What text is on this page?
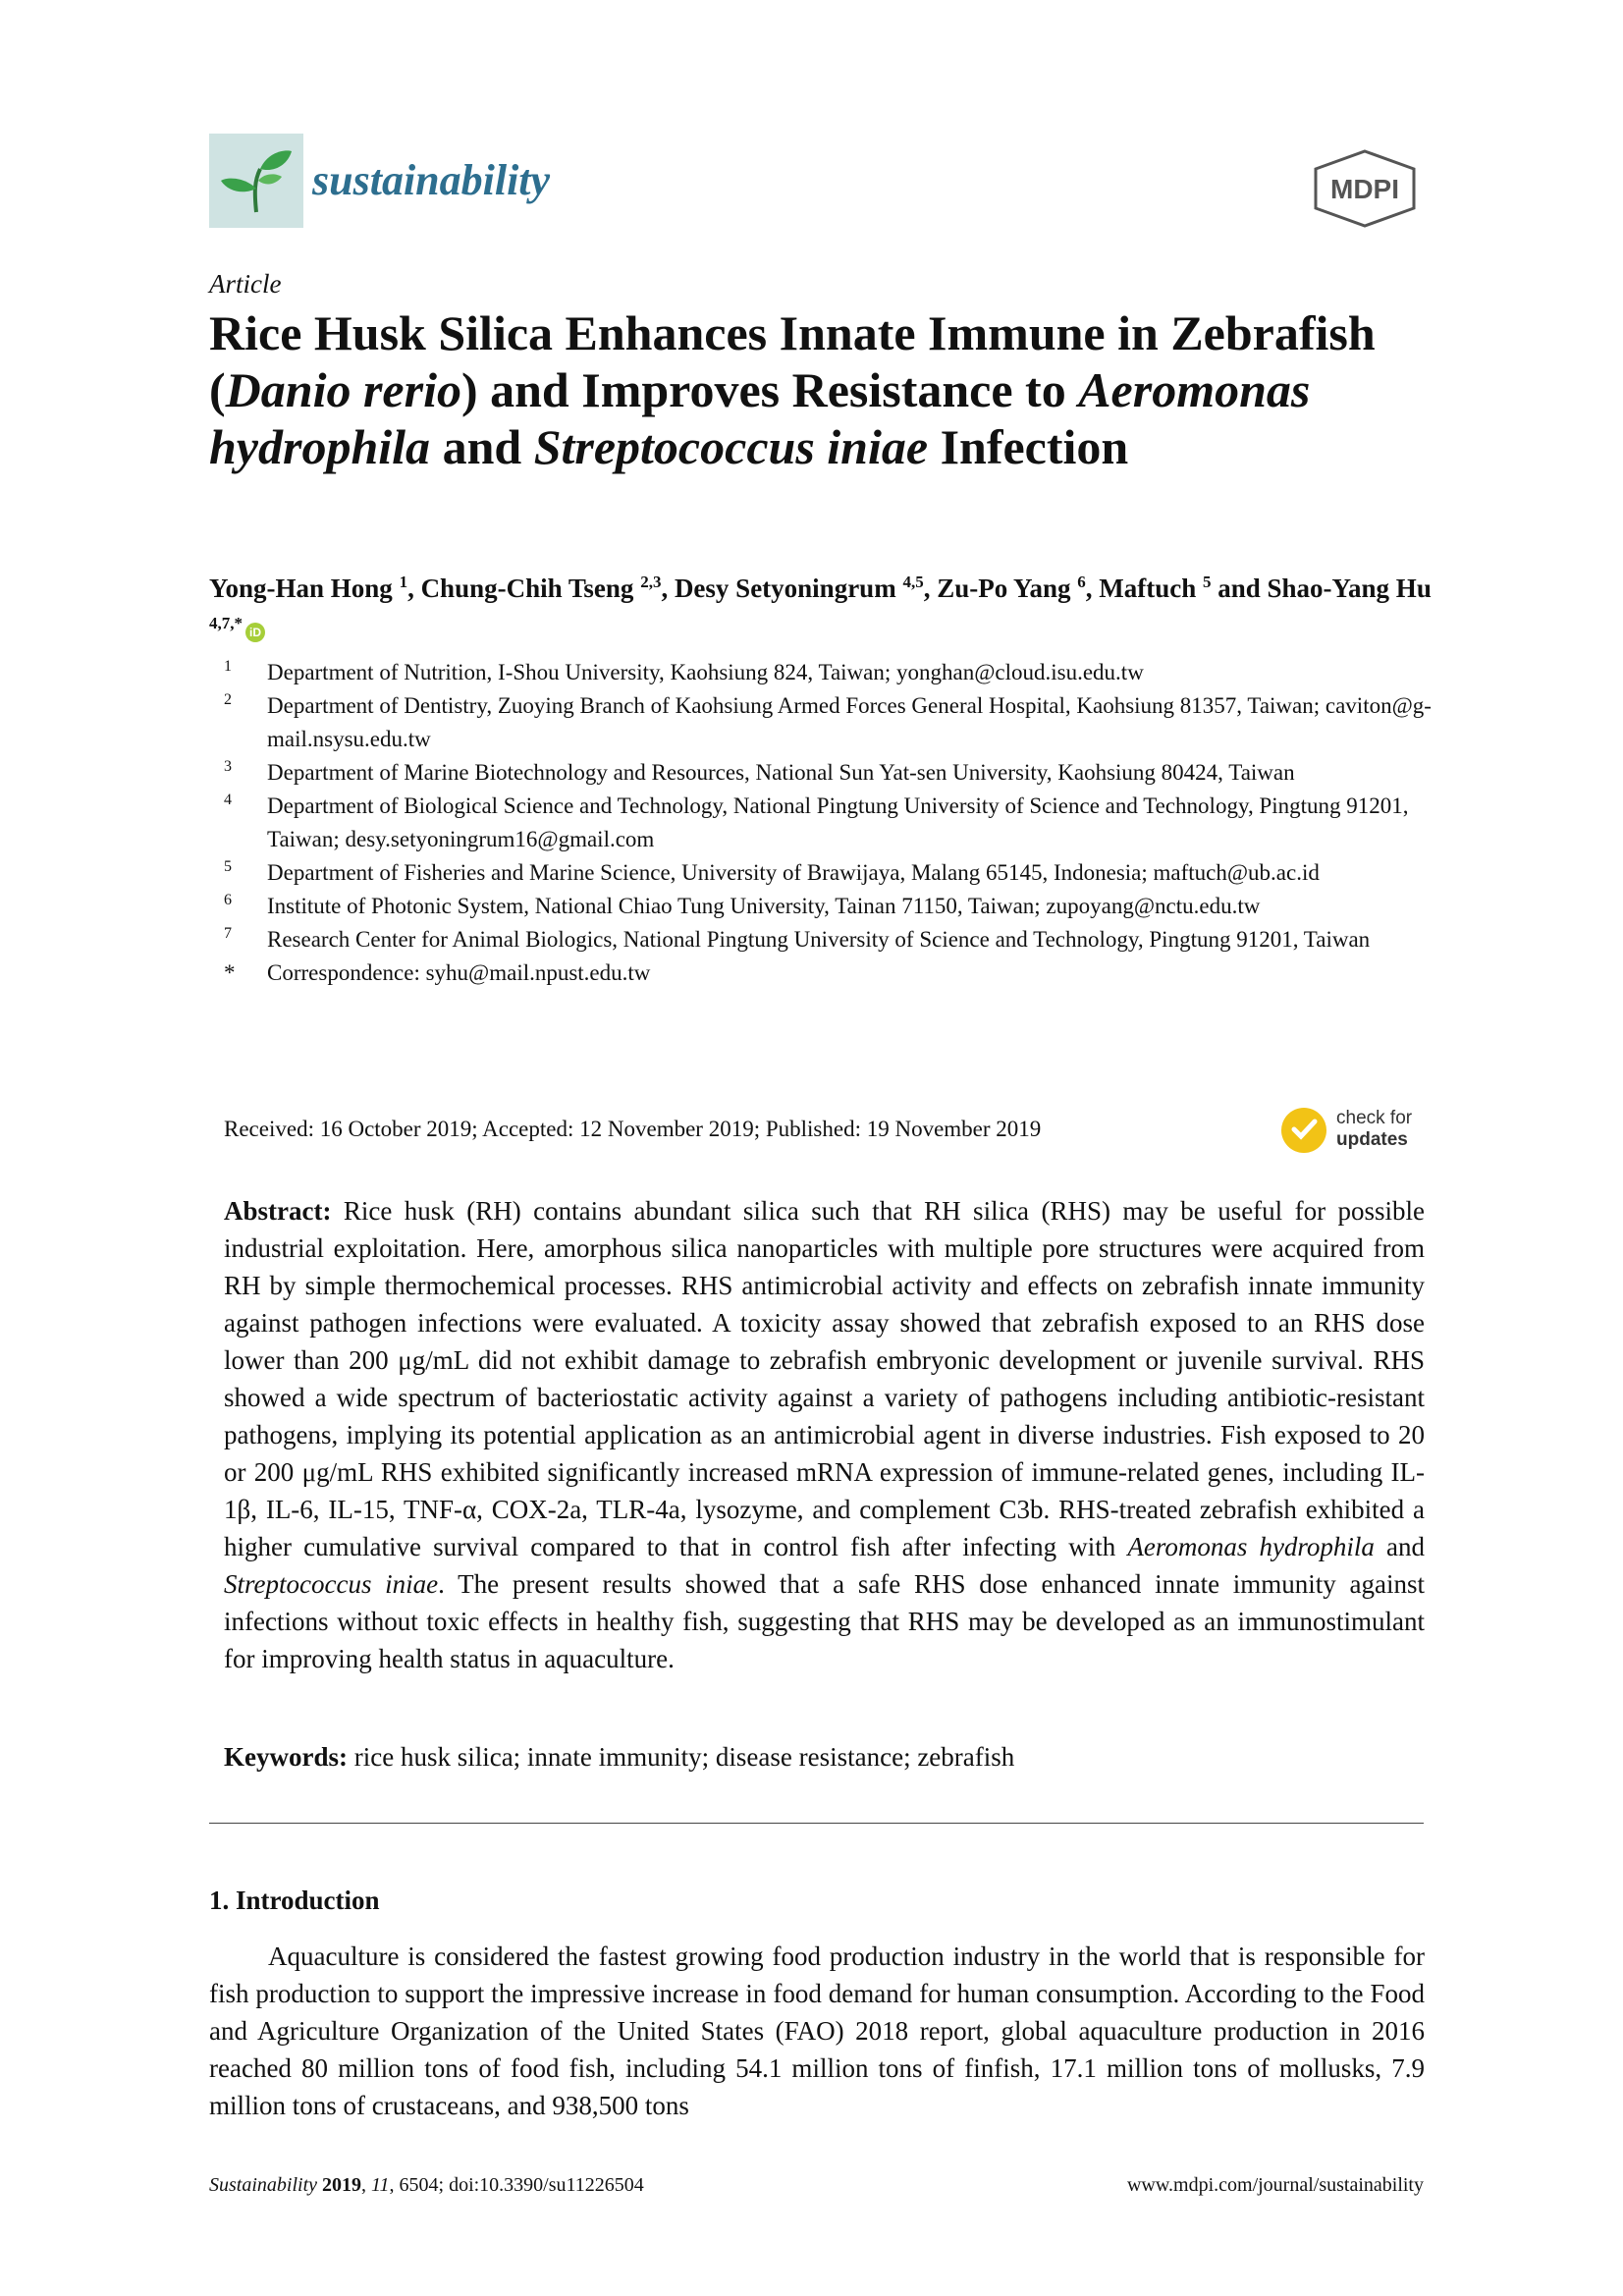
sustainability	MDPI
Article
Rice Husk Silica Enhances Innate Immune in Zebrafish (Danio rerio) and Improves Resistance to Aeromonas hydrophila and Streptococcus iniae Infection
Yong-Han Hong $^1$, Chung-Chih Tseng $^{2,3}$, Desy Setyoningrum $^{4,5}$, Zu-Po Yang $^6$, Maftuch $^5$ and Shao-Yang Hu $^{4,7,*}$ iD
1 Department of Nutrition, I-Shou University, Kaohsiung 824, Taiwan; yonghan@cloud.isu.edu.tw
2 Department of Dentistry, Zuoying Branch of Kaohsiung Armed Forces General Hospital, Kaohsiung 81357, Taiwan; caviton@g-mail.nsysu.edu.tw
3 Department of Marine Biotechnology and Resources, National Sun Yat-sen University, Kaohsiung 80424, Taiwan
4 Department of Biological Science and Technology, National Pingtung University of Science and Technology, Pingtung 91201, Taiwan; desy.setyoningrum16@gmail.com
5 Department of Fisheries and Marine Science, University of Brawijaya, Malang 65145, Indonesia; maftuch@ub.ac.id
6 Institute of Photonic System, National Chiao Tung University, Tainan 71150, Taiwan; zupoyang@nctu.edu.tw
7 Research Center for Animal Biologics, National Pingtung University of Science and Technology, Pingtung 91201, Taiwan
* Correspondence: syhu@mail.npust.edu.tw
Received: 16 October 2019; Accepted: 12 November 2019; Published: 19 November 2019	check for
updates
Abstract: Rice husk (RH) contains abundant silica such that RH silica (RHS) may be useful for possible industrial exploitation. Here, amorphous silica nanoparticles with multiple pore structures were acquired from RH by simple thermochemical processes. RHS antimicrobial activity and effects on zebrafish innate immunity against pathogen infections were evaluated. A toxicity assay showed that zebrafish exposed to an RHS dose lower than 200 μg/mL did not exhibit damage to zebrafish embryonic development or juvenile survival. RHS showed a wide spectrum of bacteriostatic activity against a variety of pathogens including antibiotic-resistant pathogens, implying its potential application as an antimicrobial agent in diverse industries. Fish exposed to 20 or 200 μg/mL RHS exhibited significantly increased mRNA expression of immune-related genes, including IL-1β, IL-6, IL-15, TNF-α, COX-2a, TLR-4a, lysozyme, and complement C3b. RHS-treated zebrafish exhibited a higher cumulative survival compared to that in control fish after infecting with Aeromonas hydrophila and Streptococcus iniae. The present results showed that a safe RHS dose enhanced innate immunity against infections without toxic effects in healthy fish, suggesting that RHS may be developed as an immunostimulant for improving health status in aquaculture.
Keywords: rice husk silica; innate immunity; disease resistance; zebrafish
1. Introduction

Aquaculture is considered the fastest growing food production industry in the world that is responsible for fish production to support the impressive increase in food demand for human consumption. According to the Food and Agriculture Organization of the United States (FAO) 2018 report, global aquaculture production in 2016 reached 80 million tons of food fish, including 54.1 million tons of finfish, 17.1 million tons of mollusks, 7.9 million tons of crustaceans, and 938,500 tons

Sustainability 2019, 11, 6504; doi:10.3390/su11226504	www.mdpi.com/journal/sustainability
